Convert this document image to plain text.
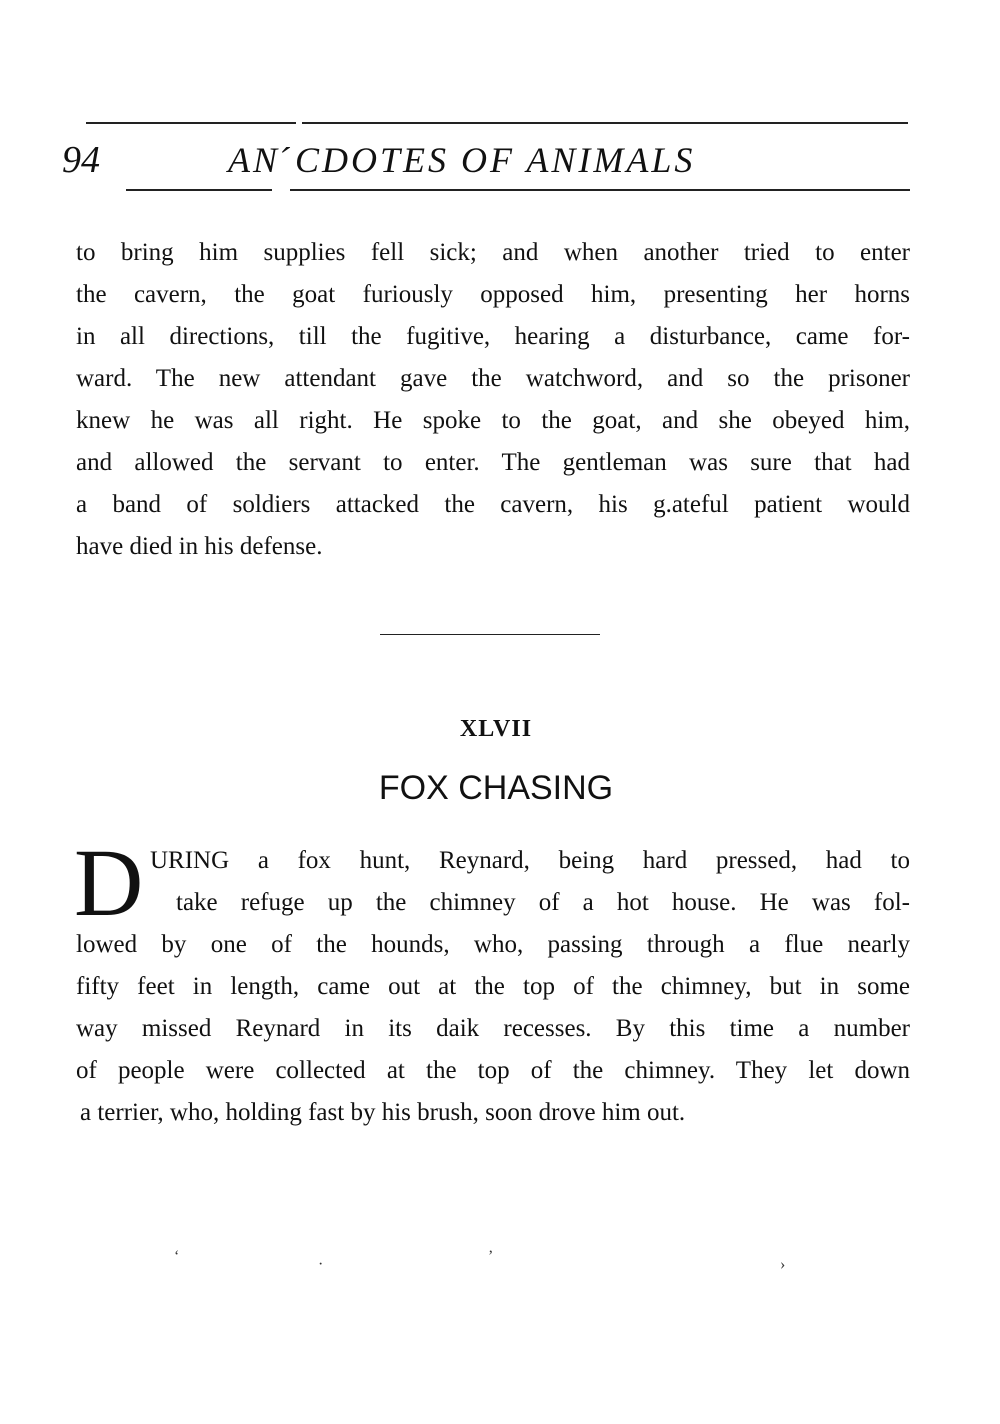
94	ANˊCDOTES OF ANIMALS
to bring him supplies fell sick; and when another tried to enter
the cavern, the goat furiously opposed him, presenting her horns
in all directions, till the fugitive, hearing a disturbance, came for-
ward. The new attendant gave the watchword, and so the prisoner
knew he was all right. He spoke to the goat, and she obeyed him,
and allowed the servant to enter. The gentleman was sure that had
a band of soldiers attacked the cavern, his g.ateful patient would
have died in his defense.
XLVII
FOX CHASING
D URING a fox hunt, Reynard, being hard pressed, had to
take refuge up the chimney of a hot house. He was fol-
lowed by one of the hounds, who, passing through a flue nearly
fifty feet in length, came out at the top of the chimney, but in some
way missed Reynard in its daik recesses. By this time a number
of people were collected at the top of the chimney. They let down
a terrier, who, holding fast by his brush, soon drove him out.
‘	·	’	›
